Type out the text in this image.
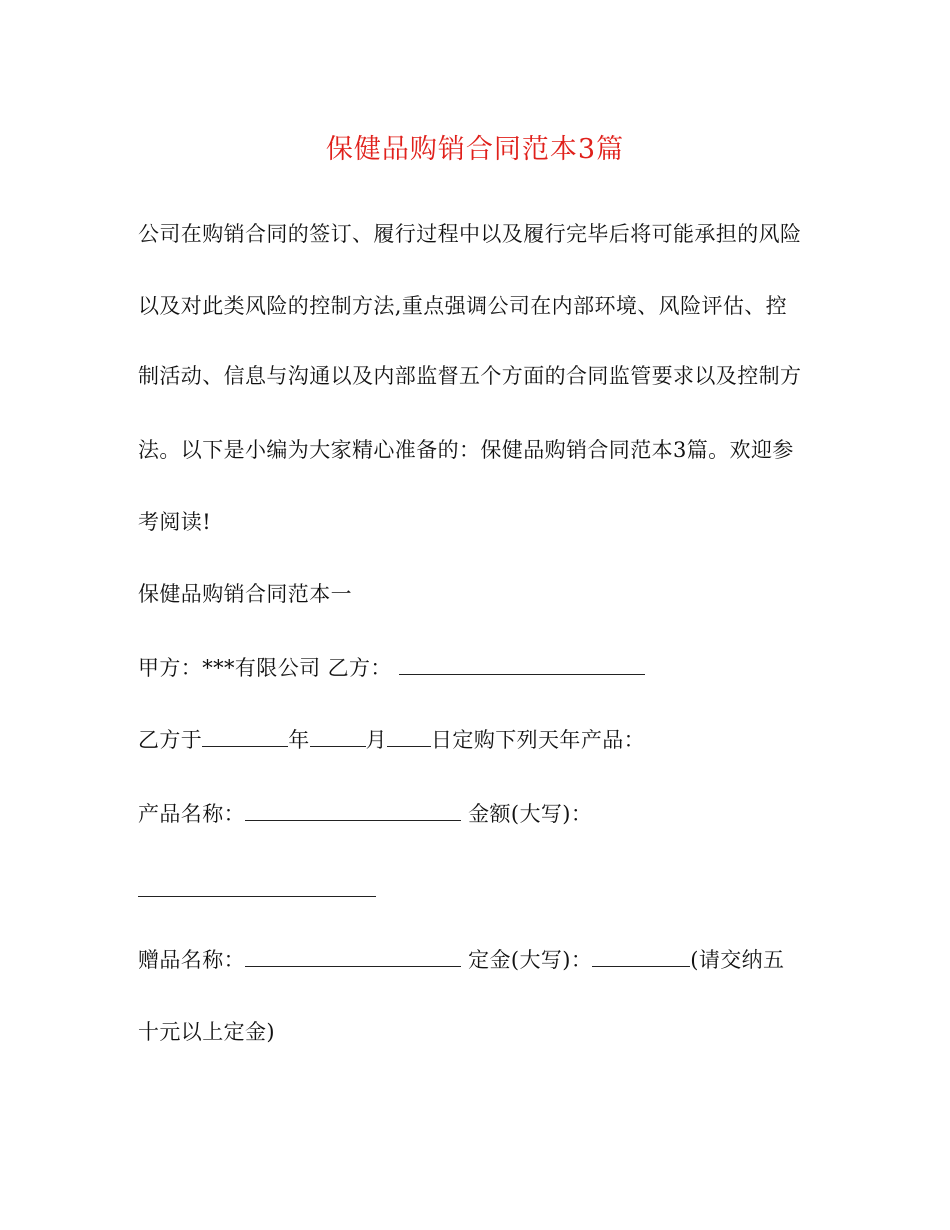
保健品购销合同范本3篇
公司在购销合同的签订、履行过程中以及履行完毕后将可能承担的风险
以及对此类风险的控制方法,重点强调公司在内部环境、风险评估、控
制活动、信息与沟通以及内部监督五个方面的合同监管要求以及控制方
法。以下是小编为大家精心准备的：保健品购销合同范本3篇。欢迎参
考阅读!
保健品购销合同范本一
甲方：***有限公司 乙方：
乙方于	年	月 日定购下列天年产品：
产品名称：	金额(大写)：
赠品名称：	定金(大写)：	(请交纳五
十元以上定金)
